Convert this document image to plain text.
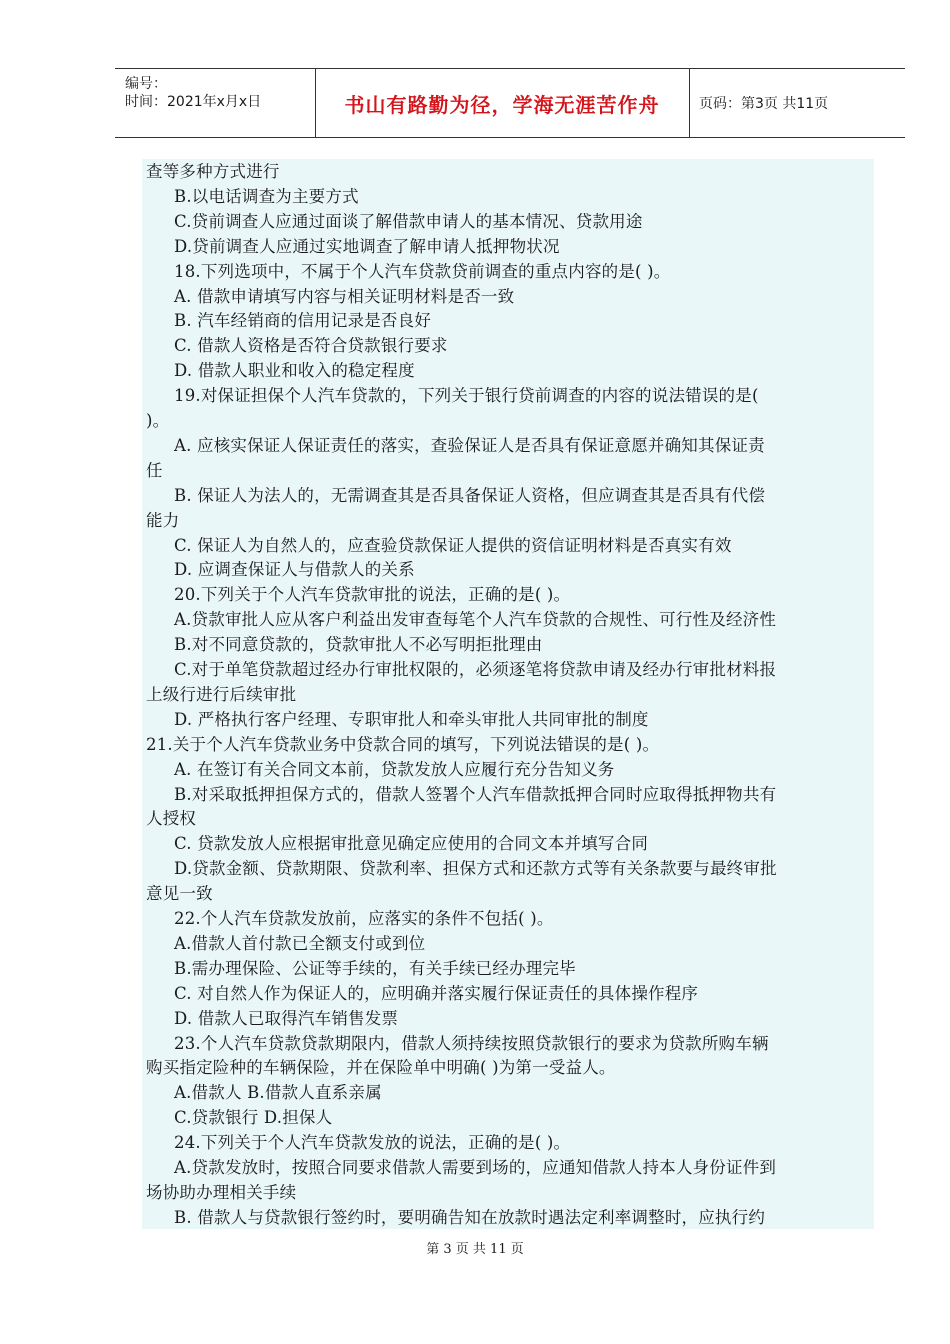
编号：
时间：2021年x月x日	书山有路勤为径，学海无涯苦作舟	页码：第3页 共11页
查等多种方式进行
B.以电话调查为主要方式
C.贷前调查人应通过面谈了解借款申请人的基本情况、贷款用途
D.贷前调查人应通过实地调查了解申请人抵押物状况
18.下列选项中，不属于个人汽车贷款贷前调查的重点内容的是( )。
A. 借款申请填写内容与相关证明材料是否一致
B. 汽车经销商的信用记录是否良好
C. 借款人资格是否符合贷款银行要求
D. 借款人职业和收入的稳定程度
19.对保证担保个人汽车贷款的，下列关于银行贷前调查的内容的说法错误的是(
)。
A. 应核实保证人保证责任的落实，查验保证人是否具有保证意愿并确知其保证责
任
B. 保证人为法人的，无需调查其是否具备保证人资格，但应调查其是否具有代偿
能力
C. 保证人为自然人的，应查验贷款保证人提供的资信证明材料是否真实有效
D. 应调查保证人与借款人的关系
20.下列关于个人汽车贷款审批的说法，正确的是( )。
A.贷款审批人应从客户利益出发审查每笔个人汽车贷款的合规性、可行性及经济性
B.对不同意贷款的，贷款审批人不必写明拒批理由
C.对于单笔贷款超过经办行审批权限的，必须逐笔将贷款申请及经办行审批材料报
上级行进行后续审批
D. 严格执行客户经理、专职审批人和牵头审批人共同审批的制度
21.关于个人汽车贷款业务中贷款合同的填写，下列说法错误的是( )。
A. 在签订有关合同文本前，贷款发放人应履行充分告知义务
B.对采取抵押担保方式的，借款人签署个人汽车借款抵押合同时应取得抵押物共有
人授权
C. 贷款发放人应根据审批意见确定应使用的合同文本并填写合同
D.贷款金额、贷款期限、贷款利率、担保方式和还款方式等有关条款要与最终审批
意见一致
22.个人汽车贷款发放前，应落实的条件不包括( )。
A.借款人首付款已全额支付或到位
B.需办理保险、公证等手续的，有关手续已经办理完毕
C. 对自然人作为保证人的，应明确并落实履行保证责任的具体操作程序
D. 借款人已取得汽车销售发票
23.个人汽车贷款贷款期限内，借款人须持续按照贷款银行的要求为贷款所购车辆
购买指定险种的车辆保险，并在保险单中明确( )为第一受益人。
A.借款人 B.借款人直系亲属
C.贷款银行 D.担保人
24.下列关于个人汽车贷款发放的说法，正确的是( )。
A.贷款发放时，按照合同要求借款人需要到场的，应通知借款人持本人身份证件到
场协助办理相关手续
B. 借款人与贷款银行签约时，要明确告知在放款时遇法定利率调整时，应执行约
第 3 页 共 11 页
